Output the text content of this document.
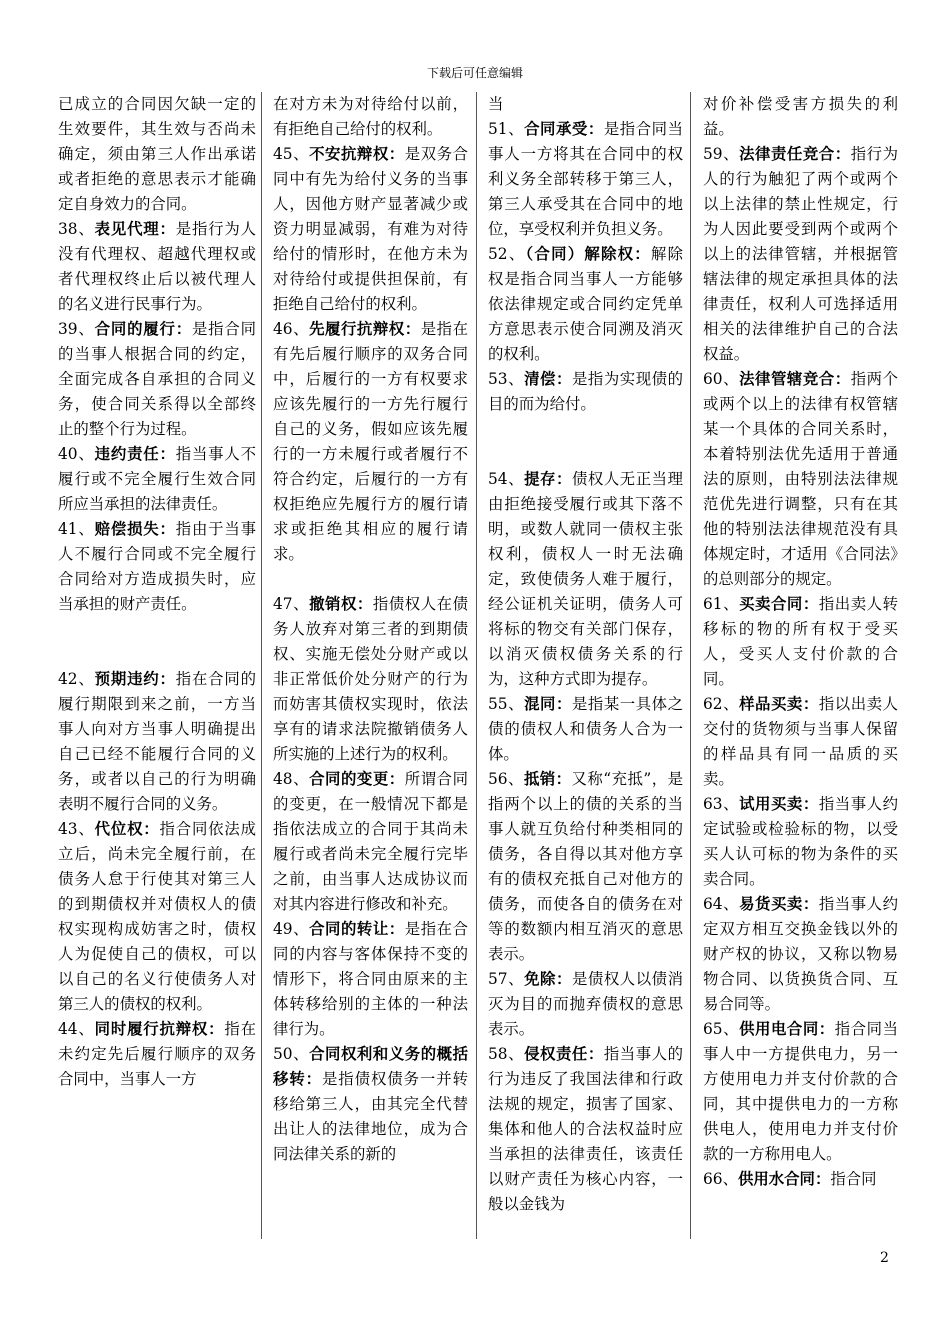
下载后可任意编辑

已成立的合同因欠缺一定的生效要件，其生效与否尚未确定，须由第三人作出承诺或者拒绝的意思表示才能确定自身效力的合同。

38、表见代理：是指行为人没有代理权、超越代理权或者代理权终止后以被代理人的名义进行民事行为。

39、合同的履行：是指合同的当事人根据合同的约定，全面完成各自承担的合同义务，使合同关系得以全部终止的整个行为过程。

40、违约责任：指当事人不履行或不完全履行生效合同所应当承担的法律责任。

41、赔偿损失：指由于当事人不履行合同或不完全履行合同给对方造成损失时，应当承担的财产责任。

42、预期违约：指在合同的履行期限到来之前，一方当事人向对方当事人明确提出自己已经不能履行合同的义务，或者以自己的行为明确表明不履行合同的义务。

43、代位权：指合同依法成立后，尚未完全履行前，在债务人怠于行使其对第三人的到期债权并对债权人的债权实现构成妨害之时，债权人为促使自己的债权，可以以自己的名义行使债务人对第三人的债权的权利。

44、同时履行抗辩权：指在未约定先后履行顺序的双务合同中，当事人一方

在对方未为对待给付以前，有拒绝自己给付的权利。

45、不安抗辩权：是双务合同中有先为给付义务的当事人，因他方财产显著减少或资力明显减弱，有难为对待给付的情形时，在他方未为对待给付或提供担保前，有拒绝自己给付的权利。

46、先履行抗辩权：是指在有先后履行顺序的双务合同中，后履行的一方有权要求应该先履行的一方先行履行自己的义务，假如应该先履行的一方未履行或者履行不符合约定，后履行的一方有权拒绝应先履行方的履行请求或拒绝其相应的履行请求。

47、撤销权：指债权人在债务人放弃对第三者的到期债权、实施无偿处分财产或以非正常低价处分财产的行为而妨害其债权实现时，依法享有的请求法院撤销债务人所实施的上述行为的权利。

48、合同的变更：所谓合同的变更，在一般情况下都是指依法成立的合同于其尚未履行或者尚未完全履行完毕之前，由当事人达成协议而对其内容进行修改和补充。

49、合同的转让：是指在合同的内容与客体保持不变的情形下，将合同由原来的主体转移给别的主体的一种法律行为。

50、合同权利和义务的概括移转：是指债权债务一并转移给第三人，由其完全代替出让人的法律地位，成为合同法律关系的新的

当

51、合同承受：是指合同当事人一方将其在合同中的权利义务全部转移于第三人，第三人承受其在合同中的地位，享受权利并负担义务。

52、（合同）解除权：解除权是指合同当事人一方能够依法律规定或合同约定凭单方意思表示使合同溯及消灭的权利。

53、清偿：是指为实现债的目的而为给付。

54、提存：债权人无正当理由拒绝接受履行或其下落不明，或数人就同一债权主张权利，债权人一时无法确定，致使债务人难于履行，经公证机关证明，债务人可将标的物交有关部门保存，以消灭债权债务关系的行为，这种方式即为提存。

55、混同：是指某一具体之债的债权人和债务人合为一体。

56、抵销：又称“充抵”，是指两个以上的债的关系的当事人就互负给付种类相同的债务，各自得以其对他方享有的债权充抵自己对他方的债务，而使各自的债务在对等的数额内相互消灭的意思表示。

57、免除：是债权人以债消灭为目的而抛弃债权的意思表示。

58、侵权责任：指当事人的行为违反了我国法律和行政法规的规定，损害了国家、集体和他人的合法权益时应当承担的法律责任，该责任以财产责任为核心内容，一般以金钱为

对价补偿受害方损失的利益。

59、法律责任竞合：指行为人的行为触犯了两个或两个以上法律的禁止性规定，行为人因此要受到两个或两个以上的法律管辖，并根据管辖法律的规定承担具体的法律责任，权利人可选择适用相关的法律维护自己的合法权益。

60、法律管辖竞合：指两个或两个以上的法律有权管辖某一个具体的合同关系时，本着特别法优先适用于普通法的原则，由特别法法律规范优先进行调整，只有在其他的特别法法律规范没有具体规定时，才适用《合同法》的总则部分的规定。

61、买卖合同：指出卖人转移标的物的所有权于受买人，受买人支付价款的合同。

62、样品买卖：指以出卖人交付的货物须与当事人保留的样品具有同一品质的买卖。

63、试用买卖：指当事人约定试验或检验标的物，以受买人认可标的物为条件的买卖合同。

64、易货买卖：指当事人约定双方相互交换金钱以外的财产权的协议，又称以物易物合同、以货换货合同、互易合同等。

65、供用电合同：指合同当事人中一方提供电力，另一方使用电力并支付价款的合同，其中提供电力的一方称供电人，使用电力并支付价款的一方称用电人。

66、供用水合同：指合同

2
